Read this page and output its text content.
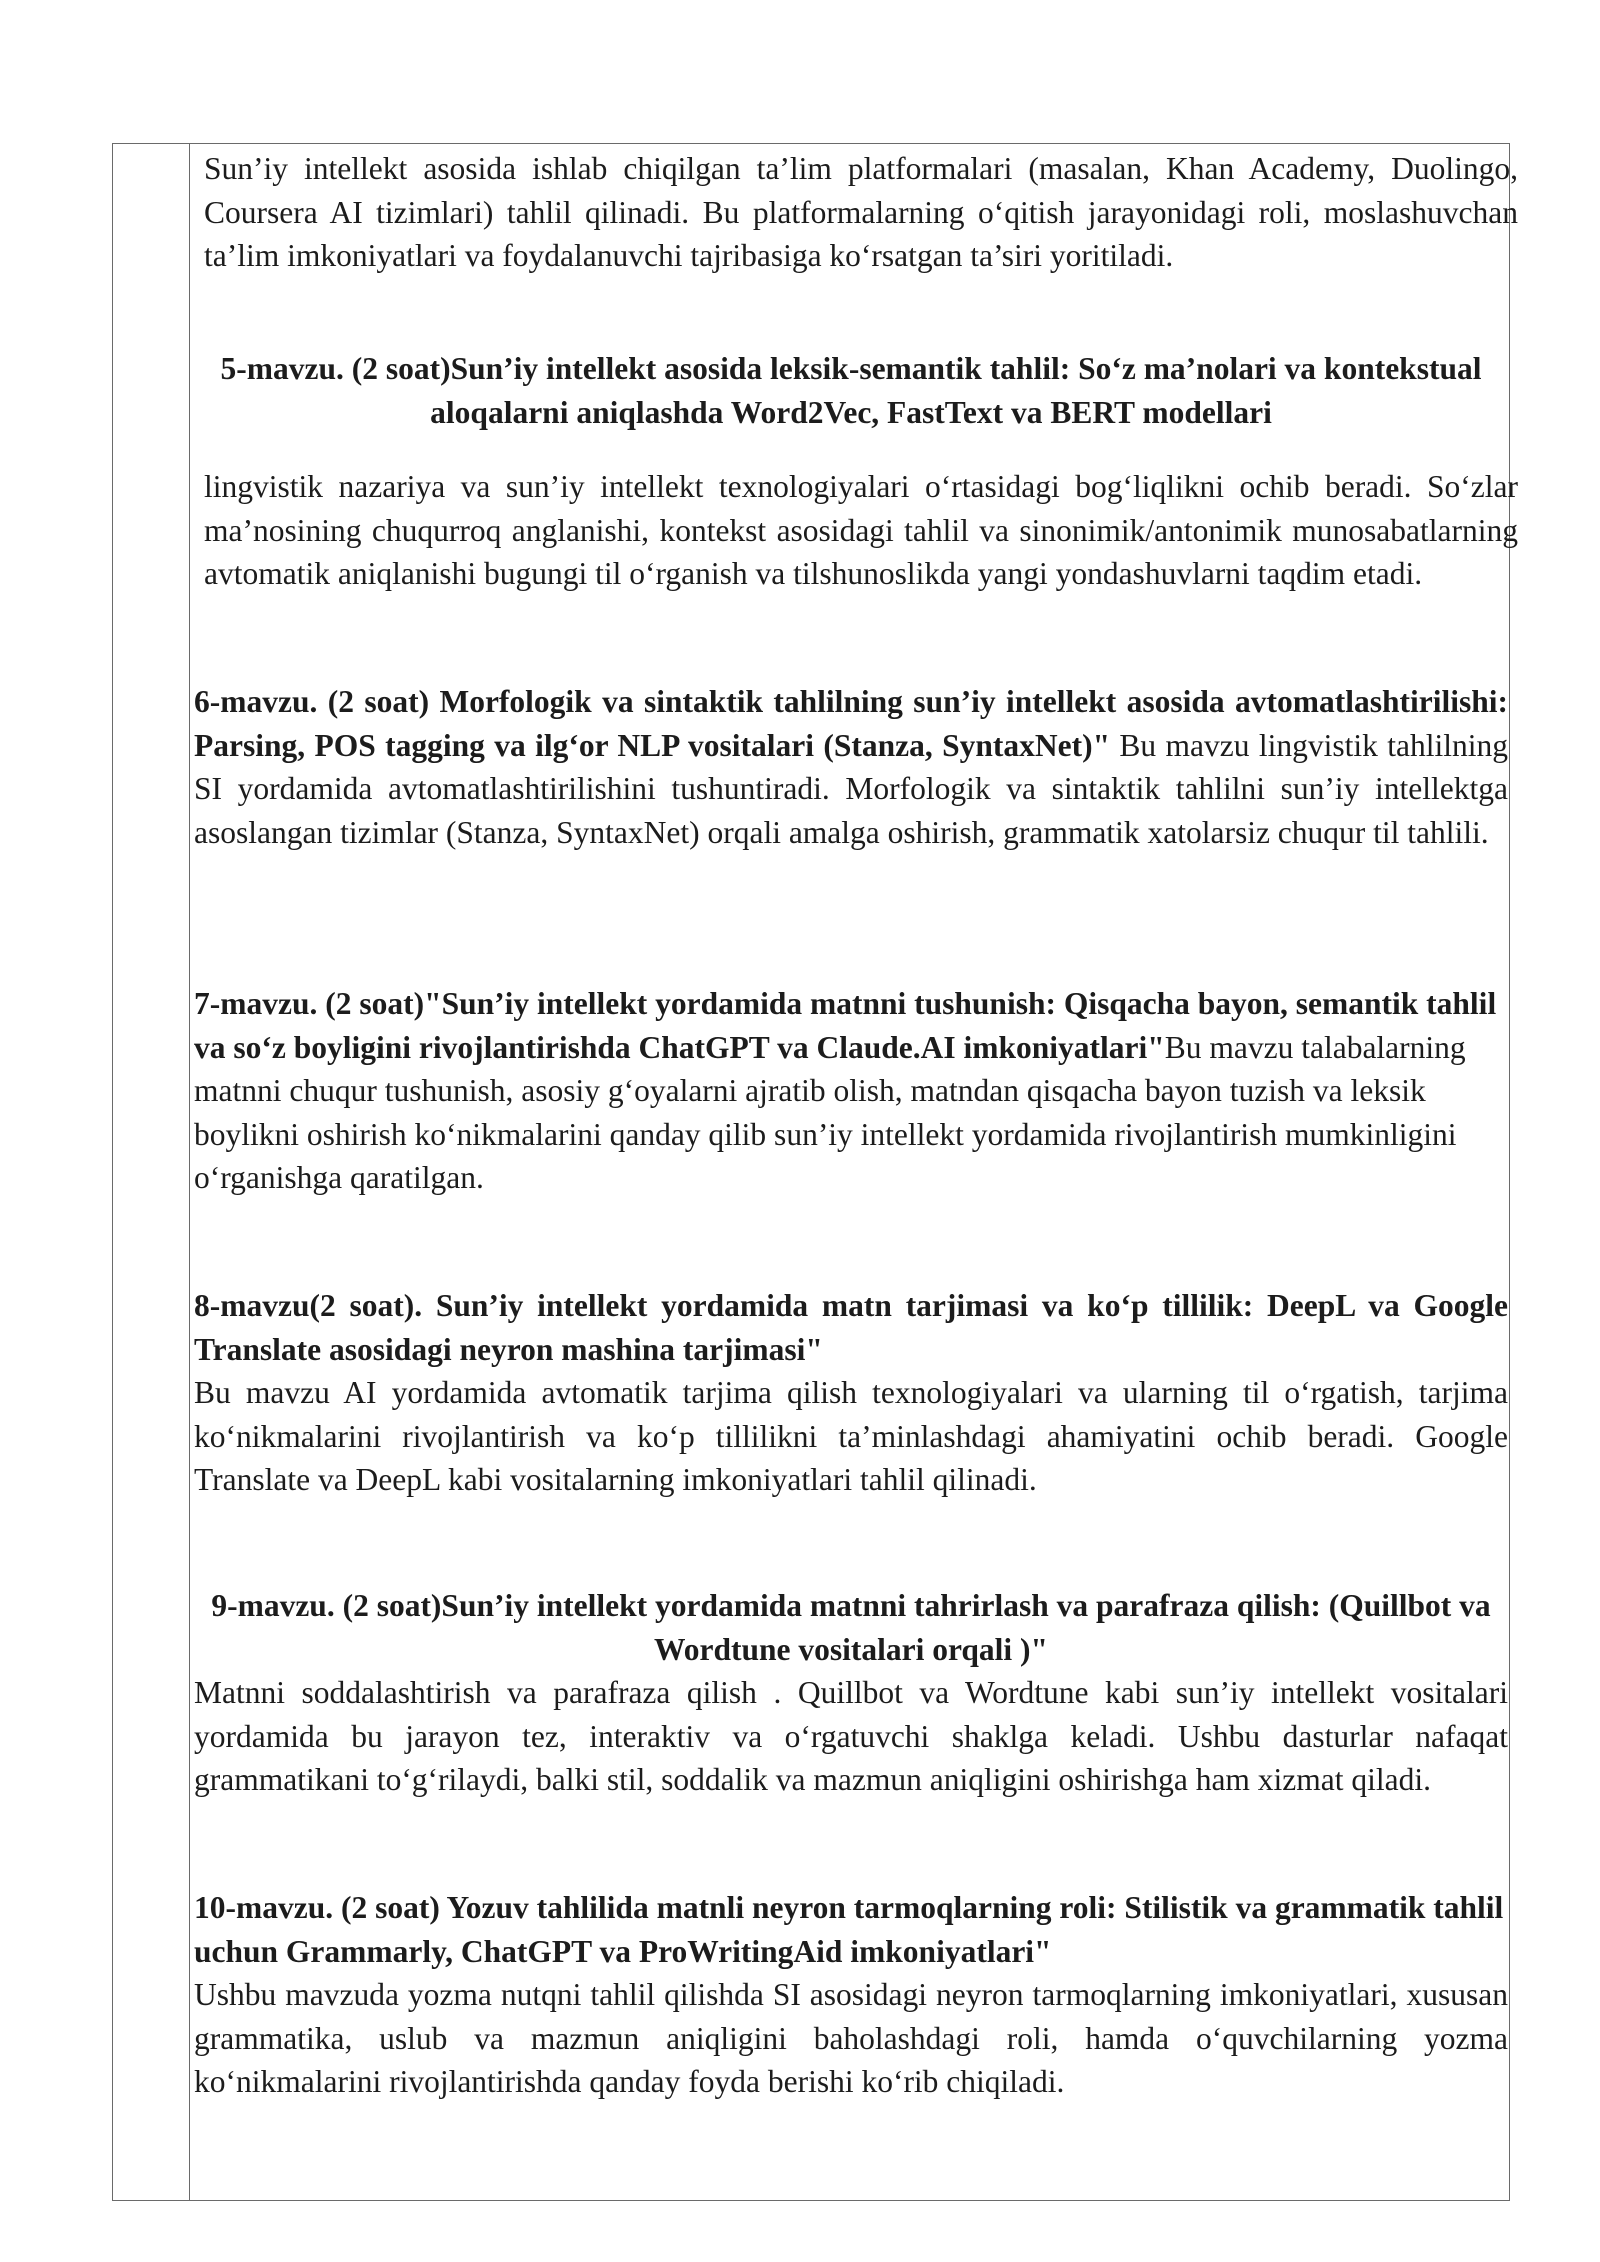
Sun’iy intellekt asosida ishlab chiqilgan ta’lim platformalari (masalan, Khan Academy, Duolingo, Coursera AI tizimlari) tahlil qilinadi. Bu platformalarning o‘qitish jarayonidagi roli, moslashuvchan ta’lim imkoniyatlari va foydalanuvchi tajribasiga ko‘rsatgan ta’siri yoritiladi.

5-mavzu. (2 soat)Sun’iy intellekt asosida leksik-semantik tahlil: So‘z ma’nolari va kontekstual aloqalarni aniqlashda Word2Vec, FastText va BERT modellari

lingvistik nazariya va sun’iy intellekt texnologiyalari o‘rtasidagi bog‘liqlikni ochib beradi. So‘zlar ma’nosining chuqurroq anglanishi, kontekst asosidagi tahlil va sinonimik/antonimik munosabatlarning avtomatik aniqlanishi bugungi til o‘rganish va tilshunoslikda yangi yondashuvlarni taqdim etadi.

6-mavzu. (2 soat) Morfologik va sintaktik tahlilning sun’iy intellekt asosida avtomatlashtirilishi: Parsing, POS tagging va ilg‘or NLP vositalari (Stanza, SyntaxNet)" Bu mavzu lingvistik tahlilning SI yordamida avtomatlashtirilishini tushuntiradi. Morfologik va sintaktik tahlilni sun’iy intellektga asoslangan tizimlar (Stanza, SyntaxNet) orqali amalga oshirish, grammatik xatolarsiz chuqur til tahlili.

7-mavzu. (2 soat)"Sun’iy intellekt yordamida matnni tushunish: Qisqacha bayon, semantik tahlil va so‘z boyligini rivojlantirishda ChatGPT va Claude.AI imkoniyatlari"Bu mavzu talabalarning matnni chuqur tushunish, asosiy g‘oyalarni ajratib olish, matndan qisqacha bayon tuzish va leksik boylikni oshirish ko‘nikmalarini qanday qilib sun’iy intellekt yordamida rivojlantirish mumkinligini o‘rganishga qaratilgan.

8-mavzu(2 soat). Sun’iy intellekt yordamida matn tarjimasi va ko‘p tillilik: DeepL va Google Translate asosidagi neyron mashina tarjimasi"
Bu mavzu AI yordamida avtomatik tarjima qilish texnologiyalari va ularning til o‘rgatish, tarjima ko‘nikmalarini rivojlantirish va ko‘p tillilikni ta’minlashdagi ahamiyatini ochib beradi. Google Translate va DeepL kabi vositalarning imkoniyatlari tahlil qilinadi.

9-mavzu. (2 soat)Sun’iy intellekt yordamida matnni tahrirlash va parafraza qilish: (Quillbot va Wordtune vositalari orqali )"

Matnni soddalashtirish va parafraza qilish . Quillbot va Wordtune kabi sun’iy intellekt vositalari yordamida bu jarayon tez, interaktiv va o‘rgatuvchi shaklga keladi. Ushbu dasturlar nafaqat grammatikani to‘g‘rilaydi, balki stil, soddalik va mazmun aniqligini oshirishga ham xizmat qiladi.

10-mavzu. (2 soat) Yozuv tahlilida matnli neyron tarmoqlarning roli: Stilistik va grammatik tahlil uchun Grammarly, ChatGPT va ProWritingAid imkoniyatlari"

Ushbu mavzuda yozma nutqni tahlil qilishda SI asosidagi neyron tarmoqlarning imkoniyatlari, xususan grammatika, uslub va mazmun aniqligini baholashdagi roli, hamda o‘quvchilarning yozma ko‘nikmalarini rivojlantirishda qanday foyda berishi ko‘rib chiqiladi.
